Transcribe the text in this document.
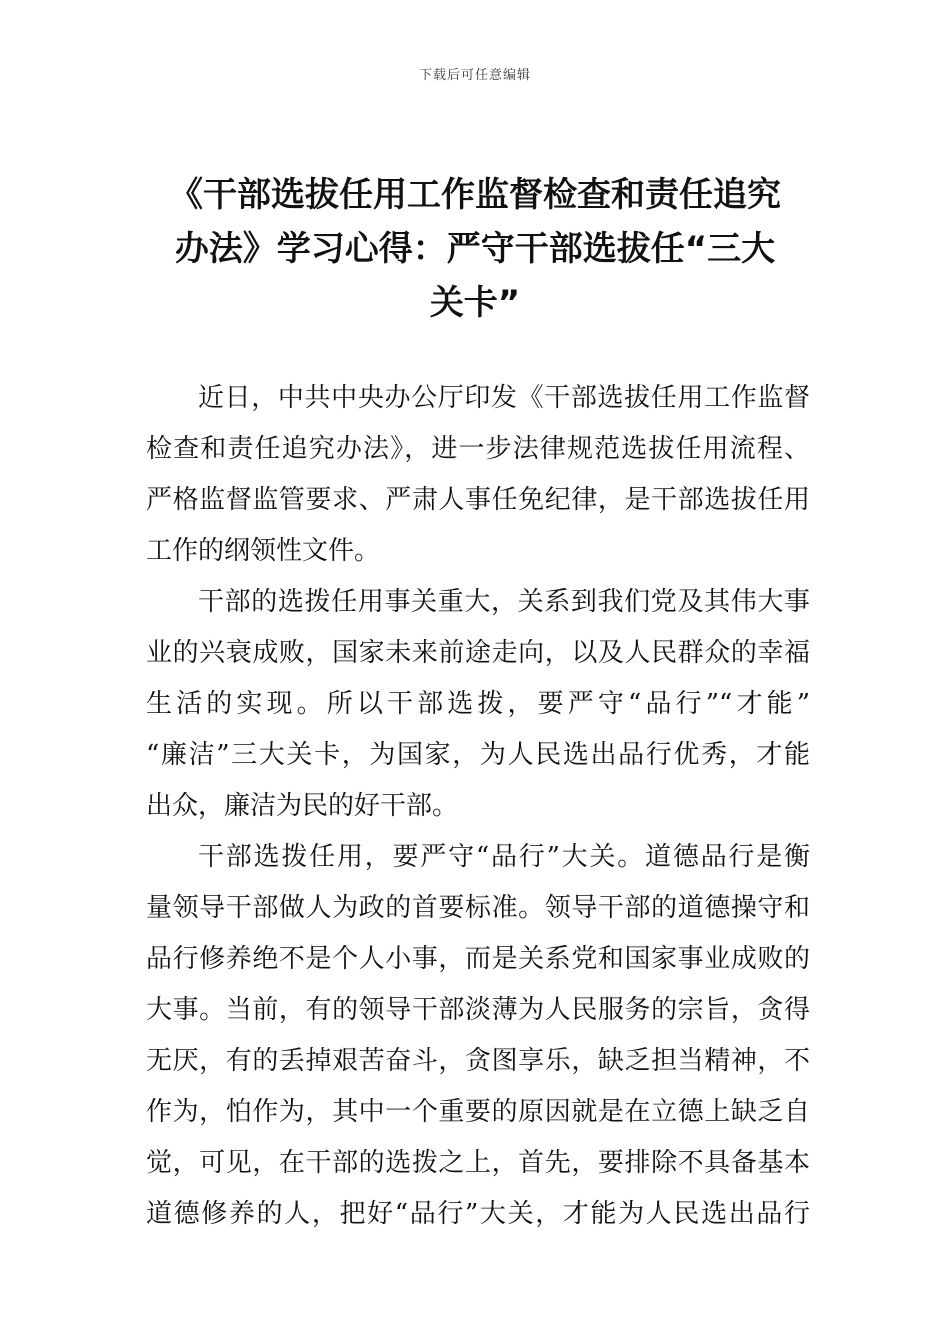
下载后可任意编辑
《干部选拔任用工作监督检查和责任追究
办法》学习心得：严守干部选拔任“三大
关卡”
近日，中共中央办公厅印发《干部选拔任用工作监督
检查和责任追究办法》，进一步法律规范选拔任用流程、
严格监督监管要求、严肃人事任免纪律，是干部选拔任用
工作的纲领性文件。
干部的选拨任用事关重大，关系到我们党及其伟大事
业的兴衰成败，国家未来前途走向，以及人民群众的幸福
生活的实现。所以干部选拨，要严守“品行”“才能”
“廉洁”三大关卡，为国家，为人民选出品行优秀，才能
出众，廉洁为民的好干部。
干部选拨任用，要严守“品行”大关。道德品行是衡
量领导干部做人为政的首要标准。领导干部的道德操守和
品行修养绝不是个人小事，而是关系党和国家事业成败的
大事。当前，有的领导干部淡薄为人民服务的宗旨，贪得
无厌，有的丢掉艰苦奋斗，贪图享乐，缺乏担当精神，不
作为，怕作为，其中一个重要的原因就是在立德上缺乏自
觉，可见，在干部的选拨之上，首先，要排除不具备基本
道德修养的人，把好“品行”大关，才能为人民选出品行
